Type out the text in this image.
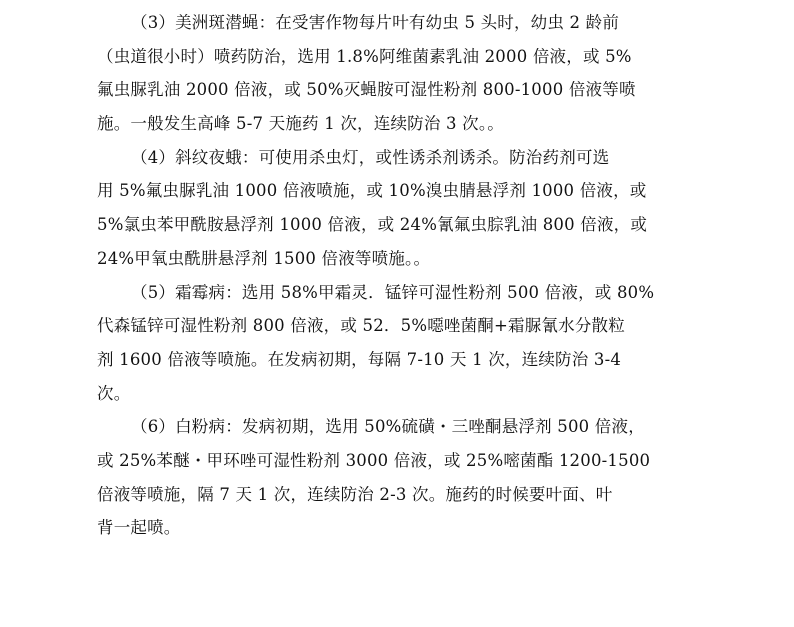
（3）美洲斑潜蝇：在受害作物每片叶有幼虫 5 头时，幼虫 2 龄前
（虫道很小时）喷药防治，选用 1.8%阿维菌素乳油 2000 倍液，或 5%
氟虫脲乳油 2000 倍液，或 50%灭蝇胺可湿性粉剂 800-1000 倍液等喷
施。一般发生高峰 5-7 天施药 1 次，连续防治 3 次。。
（4）斜纹夜蛾：可使用杀虫灯，或性诱杀剂诱杀。防治药剂可选
用 5%氟虫脲乳油 1000 倍液喷施，或 10%溴虫腈悬浮剂 1000 倍液，或
5%氯虫苯甲酰胺悬浮剂 1000 倍液，或 24%氰氟虫腙乳油 800 倍液，或
24%甲氧虫酰肼悬浮剂 1500 倍液等喷施。。
（5）霜霉病：选用 58%甲霜灵．锰锌可湿性粉剂 500 倍液，或 80%
代森锰锌可湿性粉剂 800 倍液，或 52．5%噁唑菌酮+霜脲氰水分散粒
剂 1600 倍液等喷施。在发病初期，每隔 7-10 天 1 次，连续防治 3-4
次。
（6）白粉病：发病初期，选用 50%硫磺・三唑酮悬浮剂 500 倍液，
或 25%苯醚・甲环唑可湿性粉剂 3000 倍液，或 25%嘧菌酯 1200-1500
倍液等喷施，隔 7 天 1 次，连续防治 2-3 次。施药的时候要叶面、叶
背一起喷。
